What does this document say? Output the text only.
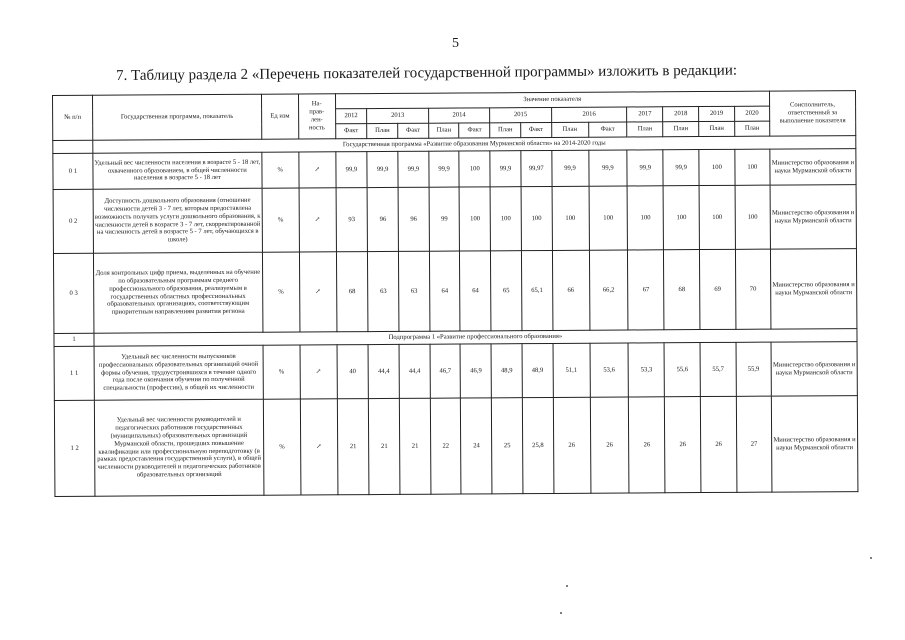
5
7. Таблицу раздела 2 «Перечень показателей государственной программы» изложить в редакции:
№ п/п	Государственная программа, показатель	Ед изм	На-
прав-
лен-
ность	Значение показателя													Соисполнитель, ответственный за выполнение показателя
				2012	2013		2014		2015		2016		2017	2018	2019	2020	
				Факт	План	Факт	План	Факт	План	Факт	План	Факт	План	План	План	План	
	Государственная программа «Развитие образования Мурманской области» на 2014-2020 годы																
0 1	Удельный вес численности населения в возрасте 5 - 18 лет, охваченного образованием, в общей численности населения в возрасте 5 - 18 лет	%	↗	99,9	99,9	99,9	99,9	100	99,9	99,97	99,9	99,9	99,9	99,9	100	100	Министерство образования и науки Мурманской области
0 2	Доступность дошкольного образования (отношение численности детей 3 - 7 лет, которым предоставлена возможность получать услуги дошкольного образования, к численности детей в возрасте 3 - 7 лет, скорректированной на численность детей в возрасте 5 - 7 лет, обучающихся в школе)	%	↗	93	96	96	99	100	100	100	100	100	100	100	100	100	Министерство образования и науки Мурманской области
0 3	Доля контрольных цифр приема, выделенных на обучение по образовательным программам среднего профессионального образования, реализуемым в государственных областных профессиональных образовательных организациях, соответствующим приоритетным направлениям развития региона	%	↗	68	63	63	64	64	65	65,1	66	66,2	67	68	69	70	Министерство образования и науки Мурманской области
1	Подпрограмма 1 «Развитие профессионального образования»																
1 1	Удельный вес численности выпускников профессиональных образовательных организаций очной формы обучения, трудоустроившихся в течение одного года после окончания обучения по полученной специальности (профессии), в общей их численности	%	↗	40	44,4	44,4	46,7	46,9	48,9	48,9	51,1	53,6	53,3	55,6	55,7	55,9	Министерство образования и науки Мурманской области
1 2	Удельный вес численности руководителей и педагогических работников государственных (муниципальных) образовательных организаций Мурманской области, прошедших повышение квалификации или профессиональную переподготовку (в рамках предоставления государственной услуги), в общей численности руководителей и педагогических работников образовательных организаций	%	↗	21	21	21	22	24	25	25,8	26	26	26	26	26	27	Министерство образования и науки Мурманской области
